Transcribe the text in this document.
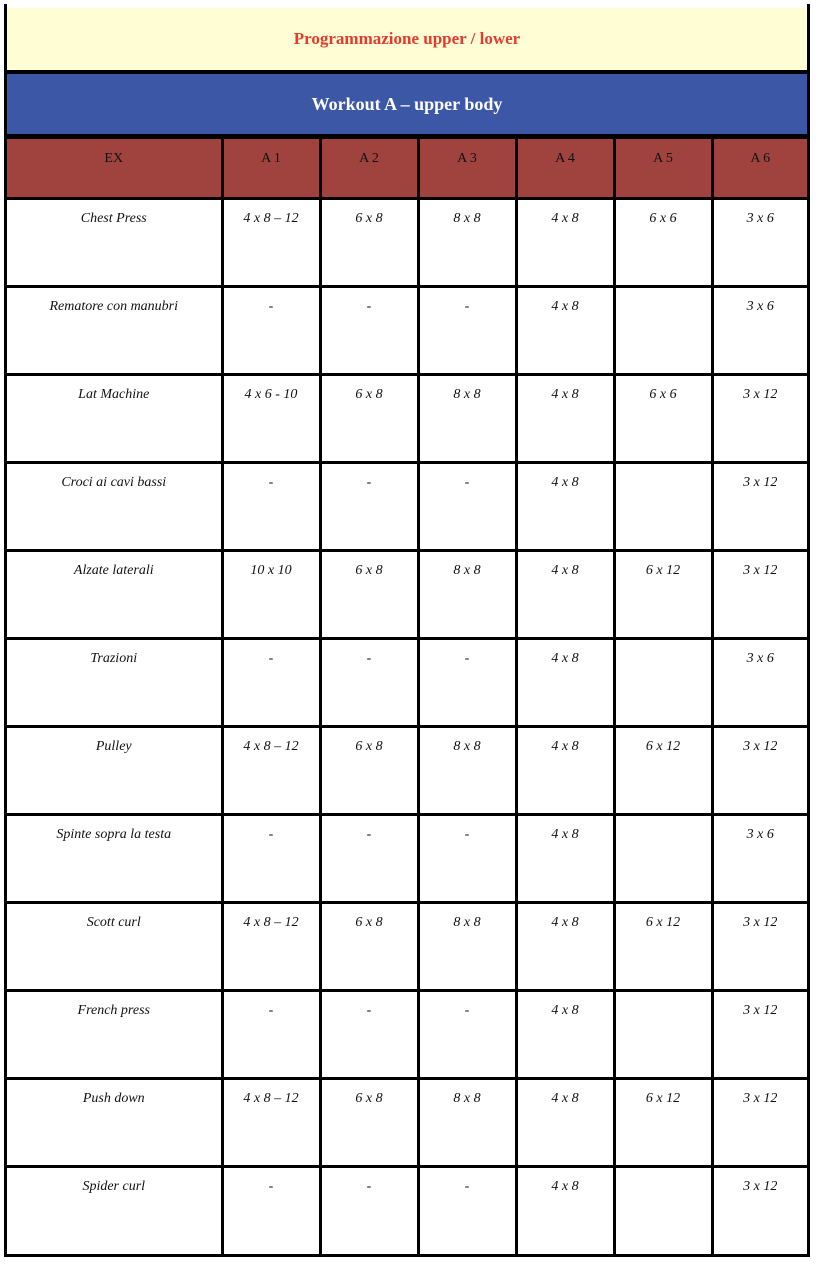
Programmazione upper / lower
Workout A – upper body
EX	A 1	A 2	A 3	A 4	A 5	A 6
Chest Press	4 x 8 – 12	6 x 8	8 x 8	4 x 8	6 x 6	3 x 6
Rematore con manubri	-	-	-	4 x 8		3 x 6
Lat Machine	4 x 6 - 10	6 x 8	8 x 8	4 x 8	6 x 6	3 x 12
Croci ai cavi bassi	-	-	-	4 x 8		3 x 12
Alzate laterali	10 x 10	6 x 8	8 x 8	4 x 8	6 x 12	3 x 12
Trazioni	-	-	-	4 x 8		3 x 6
Pulley	4 x 8 – 12	6 x 8	8 x 8	4 x 8	6 x 12	3 x 12
Spinte sopra la testa	-	-	-	4 x 8		3 x 6
Scott curl	4 x 8 – 12	6 x 8	8 x 8	4 x 8	6 x 12	3 x 12
French press	-	-	-	4 x 8		3 x 12
Push down	4 x 8 – 12	6 x 8	8 x 8	4 x 8	6 x 12	3 x 12
Spider curl	-	-	-	4 x 8		3 x 12
